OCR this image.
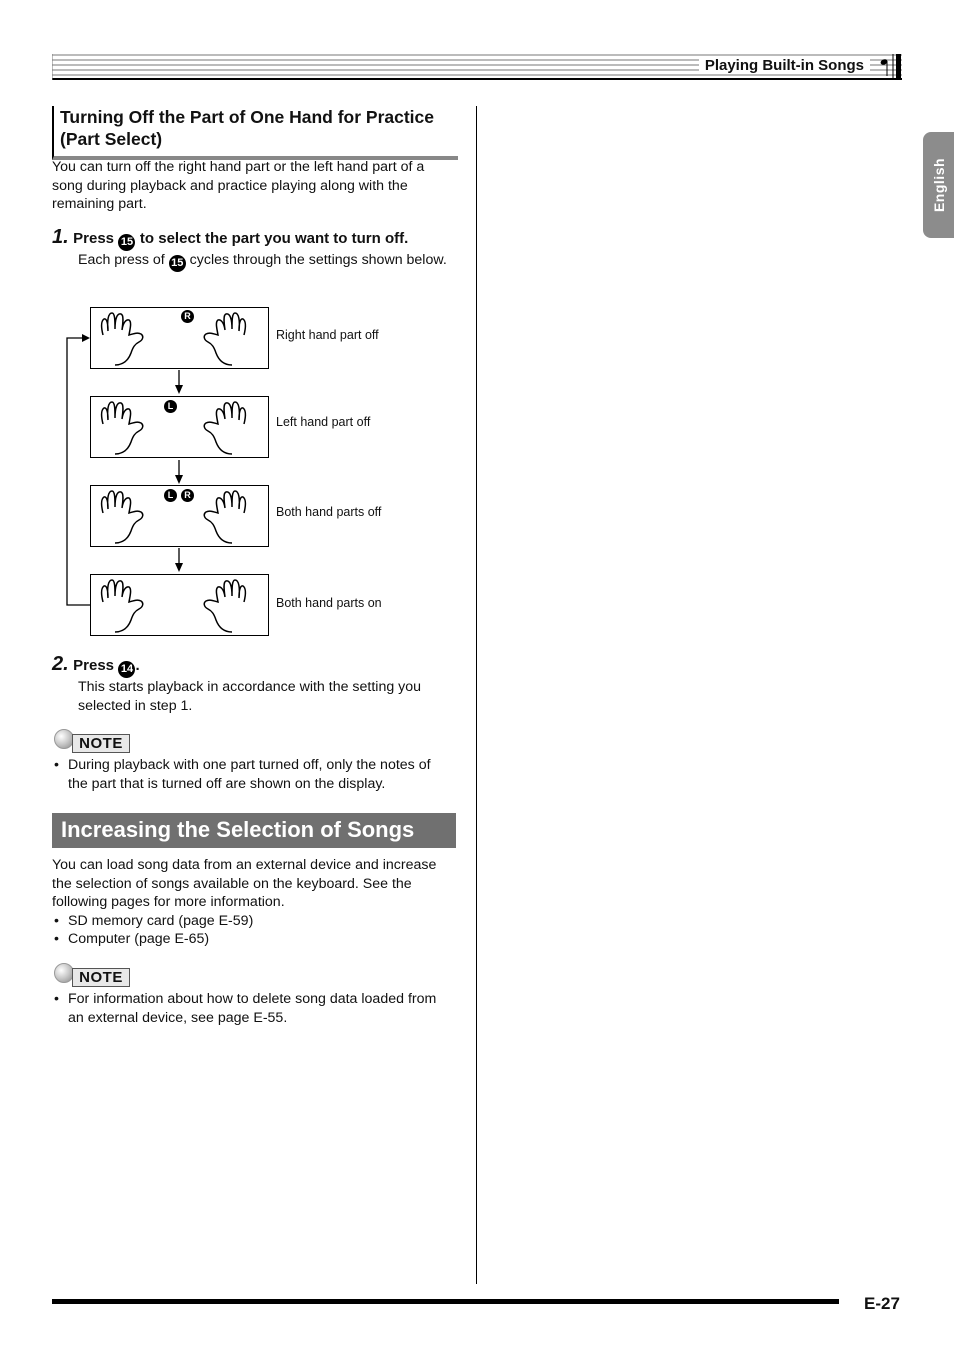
Playing Built-in Songs
English
Turning Off the Part of One Hand for Practice (Part Select)

You can turn off the right hand part or the left hand part of a song during playback and practice playing along with the remaining part.

1. Press 15 to select the part you want to turn off.

Each press of 15 cycles through the settings shown below.

R
L
L	R
Right hand part off
Left hand part off
Both hand parts off
Both hand parts on
2. Press 14 .

This starts playback in accordance with the setting you selected in step 1.

NOTE
• During playback with one part turned off, only the notes of the part that is turned off are shown on the display.
Increasing the Selection of Songs

You can load song data from an external device and increase the selection of songs available on the keyboard. See the following pages for more information.

• SD memory card (page E-59)
• Computer (page E-65)
NOTE
• For information about how to delete song data loaded from an external device, see page E-55.
E-27
